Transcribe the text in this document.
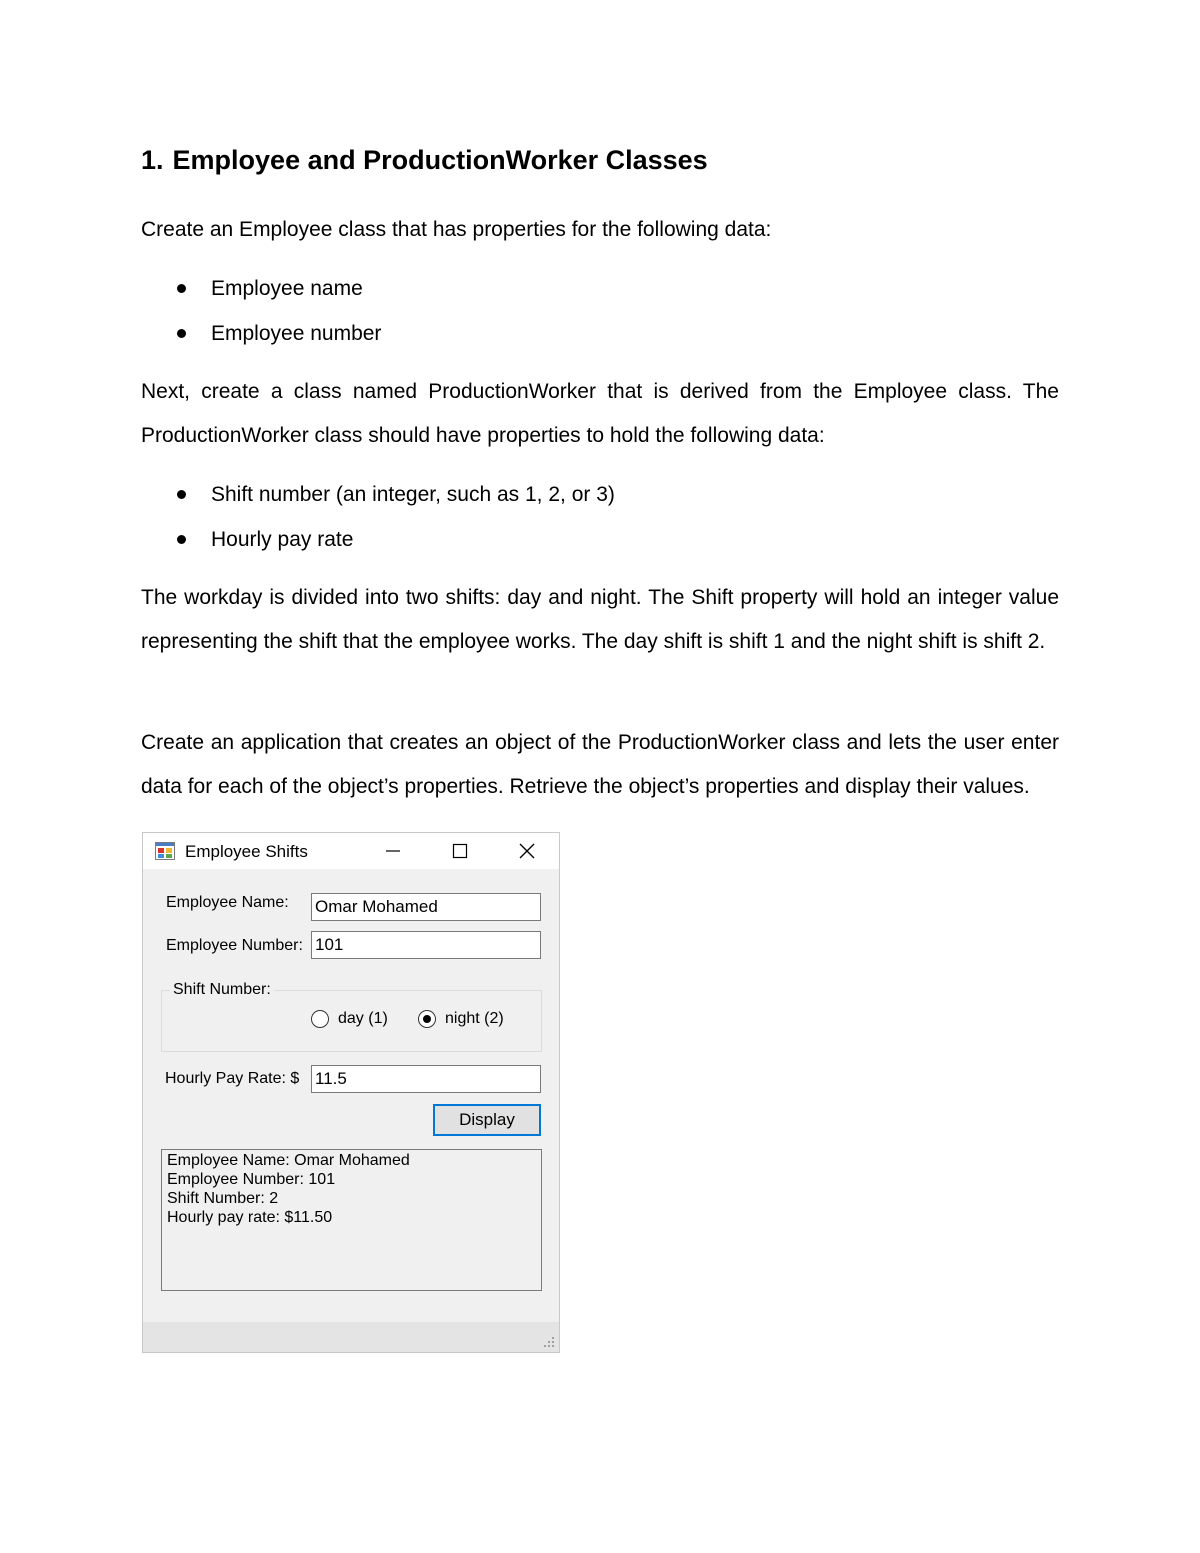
1. Employee and ProductionWorker Classes

Create an Employee class that has properties for the following data:

Employee name
Employee number

Next, create a class named ProductionWorker that is derived from the Employee class. The ProductionWorker class should have properties to hold the following data:

Shift number (an integer, such as 1, 2, or 3)
Hourly pay rate

The workday is divided into two shifts: day and night. The Shift property will hold an integer value representing the shift that the employee works. The day shift is shift 1 and the night shift is shift 2.

Create an application that creates an object of the ProductionWorker class and lets the user enter data for each of the object’s properties. Retrieve the object’s properties and display their values.

Employee Shifts
Employee Name:
Omar Mohamed
Employee Number:
101
Shift Number:
day (1)	night (2)
Hourly Pay Rate: $
11.5
Display
Employee Name: Omar Mohamed
Employee Number: 101
Shift Number: 2
Hourly pay rate: $11.50
